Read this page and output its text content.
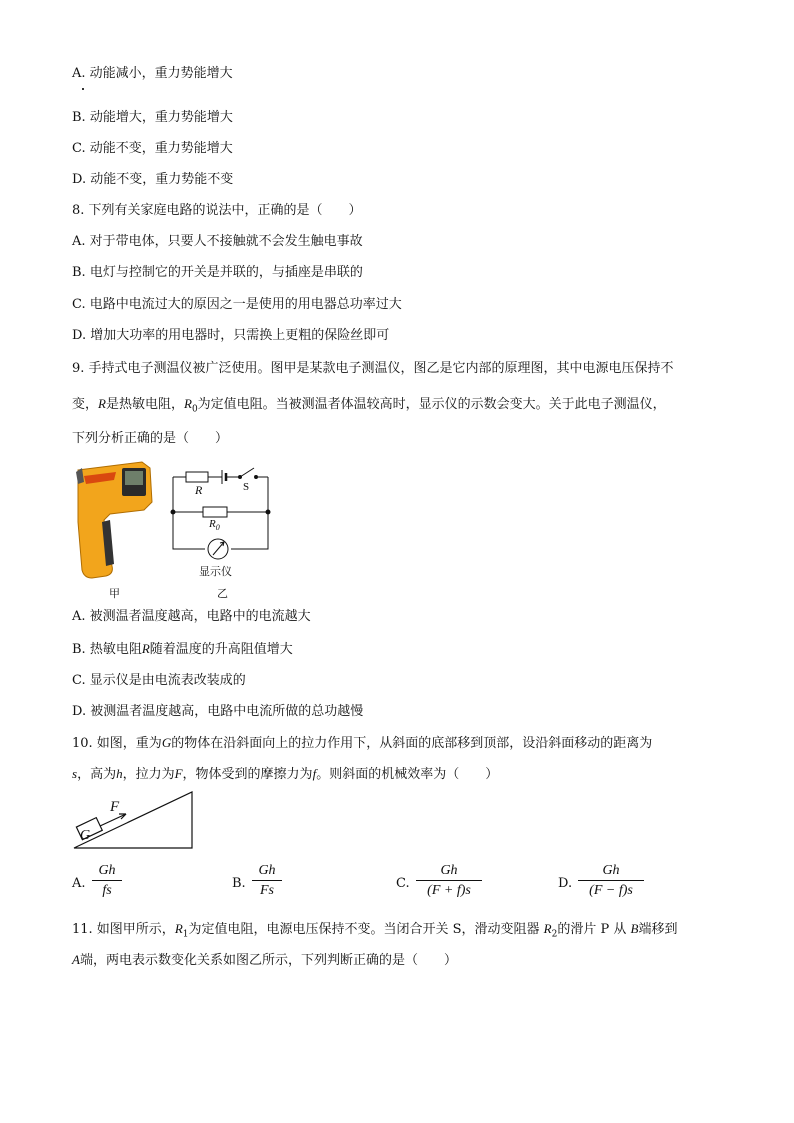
A. 动能减小，重力势能增大
B. 动能增大，重力势能增大
C. 动能不变，重力势能增大
D. 动能不变，重力势能不变
8. 下列有关家庭电路的说法中，正确的是（　　）
A. 对于带电体，只要人不接触就不会发生触电事故
B. 电灯与控制它的开关是并联的，与插座是串联的
C. 电路中电流过大的原因之一是使用的用电器总功率过大
D. 增加大功率的用电器时，只需换上更粗的保险丝即可
9. 手持式电子测温仪被广泛使用。图甲是某款电子测温仪，图乙是它内部的原理图，其中电源电压保持不
变，R是热敏电阻，$R_0$为定值电阻。当被测温者体温较高时，显示仪的示数会变大。关于此电子测温仪，
下列分析正确的是（　　）
甲
R	S
$R_0$
显示仪
乙
A. 被测温者温度越高，电路中的电流越大
B. 热敏电阻R随着温度的升高阻值增大
C. 显示仪是由电流表改装成的
D. 被测温者温度越高，电路中电流所做的总功越慢
10. 如图，重为G的物体在沿斜面向上的拉力作用下，从斜面的底部移到顶部，设沿斜面移动的距离为
s，高为h，拉力为F，物体受到的摩擦力为f。则斜面的机械效率为（　　）
F
G
A. $\frac{Gh}{fs}$	B. $\frac{Gh}{Fs}$	C. $\frac{Gh}{(F + f)s}$	D. $\frac{Gh}{(F - f)s}$
11. 如图甲所示，$R_1$为定值电阻，电源电压保持不变。当闭合开关 S，滑动变阻器 $R_2$的滑片 P 从 B端移到
A端，两电表示数变化关系如图乙所示，下列判断正确的是（　　）
